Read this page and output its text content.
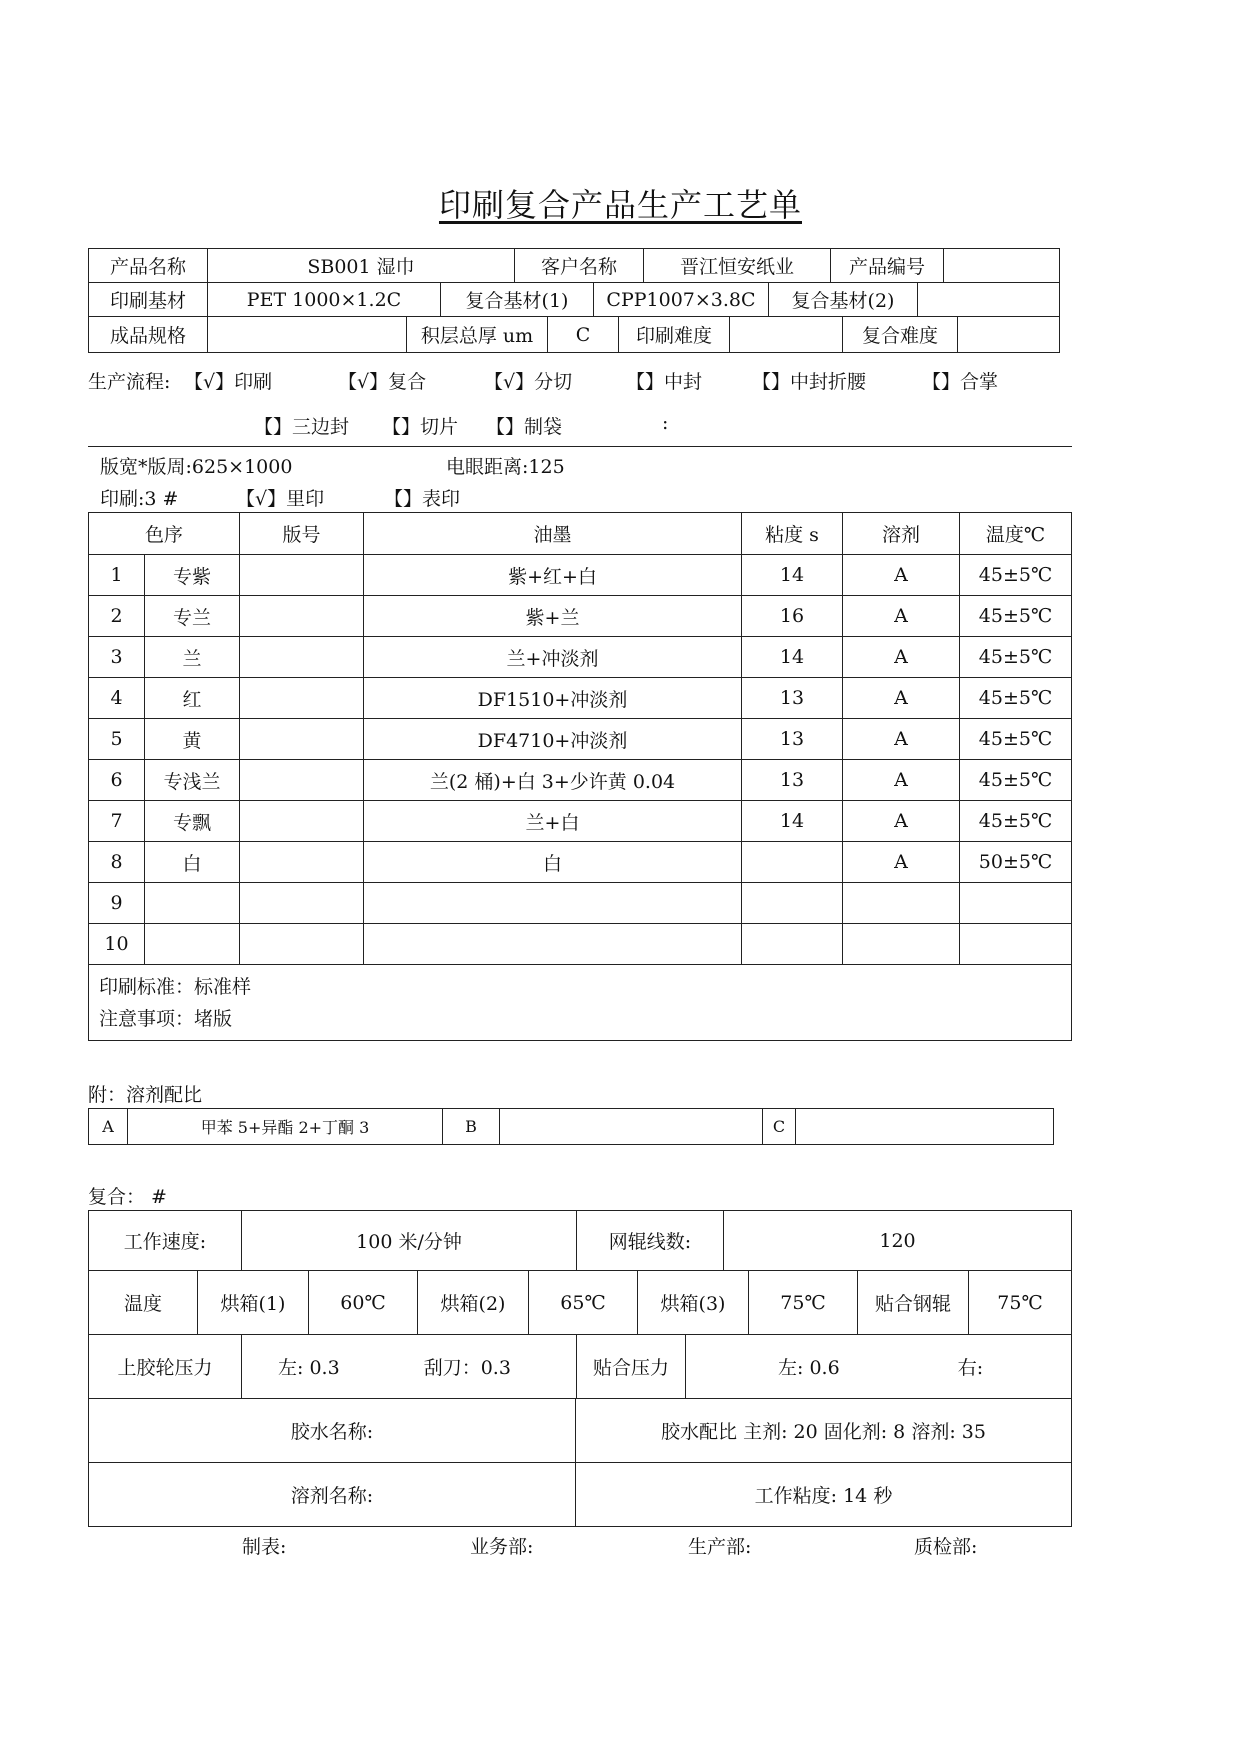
印刷复合产品生产工艺单
产品名称	SB001 湿巾	客户名称	晋江恒安纸业	产品编号	
印刷基材	PET 1000×1.2C	复合基材(1)	CPP1007×3.8C	复合基材(2)	
成品规格		积层总厚 um	C	印刷难度		复合难度	
生产流程: 【√】印刷	【√】复合	【√】分切	【】中封	【】中封折腰	【】合掌
【】三边封 【】切片 【】制袋	:
版宽*版周:625×1000	电眼距离:125
印刷:3 #	【√】里印	【】表印
色序		版号	油墨	粘度 s	溶剂	温度℃
1	专紫		紫+红+白	14	A	45±5℃
2	专兰		紫+兰	16	A	45±5℃
3	兰		兰+冲淡剂	14	A	45±5℃
4	红		DF1510+冲淡剂	13	A	45±5℃
5	黄		DF4710+冲淡剂	13	A	45±5℃
6	专浅兰		兰(2 桶)+白 3+少许黄 0.04	13	A	45±5℃
7	专飘		兰+白	14	A	45±5℃
8	白		白		A	50±5℃
9						
10						

印刷标准：标准样
注意事项：堵版						
附：溶剂配比
A	甲苯 5+异酯 2+丁酮 3	B		C	
复合： #
工作速度:	100 米/分钟	网辊线数:	120
温度	烘箱(1)	60℃	烘箱(2)	65℃	烘箱(3)	75℃	贴合钢辊	75℃
上胶轮压力	左: 0.3	刮刀：0.3	贴合压力	左: 0.6	右:
胶水名称:	胶水配比 主剂: 20 固化剂: 8 溶剂: 35
溶剂名称:	工作粘度: 14 秒
制表:	业务部:	生产部:	质检部:
